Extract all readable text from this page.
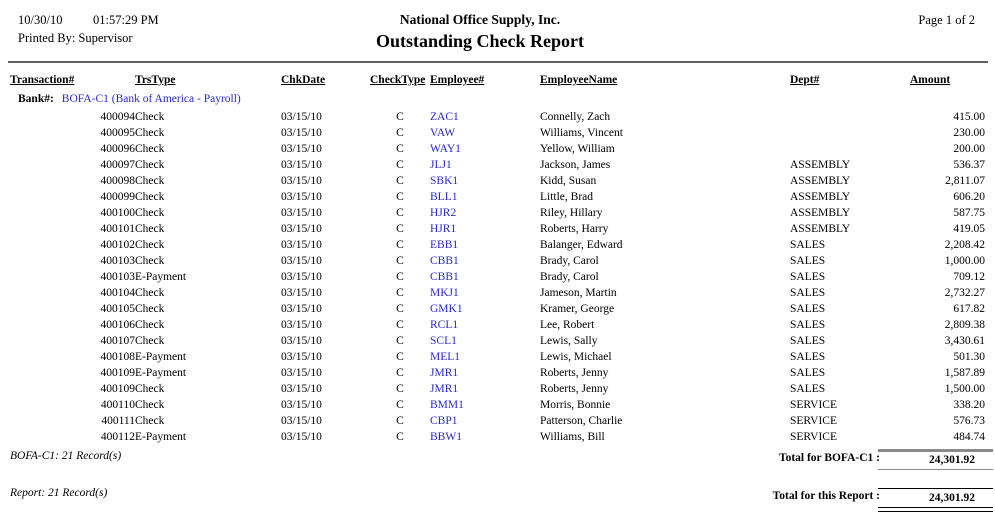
10/30/10 01:57:29 PM
Printed By: Supervisor
National Office Supply, Inc.
Outstanding Check Report
Page 1 of 2
Transaction#	TrsType	ChkDate	CheckType	Employee#	EmployeeName	Dept#	Amount
Bank#: BOFA-C1 (Bank of America - Payroll)							
400094	Check	03/15/10	C	ZAC1	Connelly, Zach		415.00
400095	Check	03/15/10	C	VAW	Williams, Vincent		230.00
400096	Check	03/15/10	C	WAY1	Yellow, William		200.00
400097	Check	03/15/10	C	JLJ1	Jackson, James	ASSEMBLY	536.37
400098	Check	03/15/10	C	SBK1	Kidd, Susan	ASSEMBLY	2,811.07
400099	Check	03/15/10	C	BLL1	Little, Brad	ASSEMBLY	606.20
400100	Check	03/15/10	C	HJR2	Riley, Hillary	ASSEMBLY	587.75
400101	Check	03/15/10	C	HJR1	Roberts, Harry	ASSEMBLY	419.05
400102	Check	03/15/10	C	EBB1	Balanger, Edward	SALES	2,208.42
400103	Check	03/15/10	C	CBB1	Brady, Carol	SALES	1,000.00
400103	E-Payment	03/15/10	C	CBB1	Brady, Carol	SALES	709.12
400104	Check	03/15/10	C	MKJ1	Jameson, Martin	SALES	2,732.27
400105	Check	03/15/10	C	GMK1	Kramer, George	SALES	617.82
400106	Check	03/15/10	C	RCL1	Lee, Robert	SALES	2,809.38
400107	Check	03/15/10	C	SCL1	Lewis, Sally	SALES	3,430.61
400108	E-Payment	03/15/10	C	MEL1	Lewis, Michael	SALES	501.30
400109	E-Payment	03/15/10	C	JMR1	Roberts, Jenny	SALES	1,587.89
400109	Check	03/15/10	C	JMR1	Roberts, Jenny	SALES	1,500.00
400110	Check	03/15/10	C	BMM1	Morris, Bonnie	SERVICE	338.20
400111	Check	03/15/10	C	CBP1	Patterson, Charlie	SERVICE	576.73
400112	E-Payment	03/15/10	C	BBW1	Williams, Bill	SERVICE	484.74
BOFA-C1: 21 Record(s)	Total for BOFA-C1 :	24,301.92
Report: 21 Record(s)	Total for this Report :	24,301.92
